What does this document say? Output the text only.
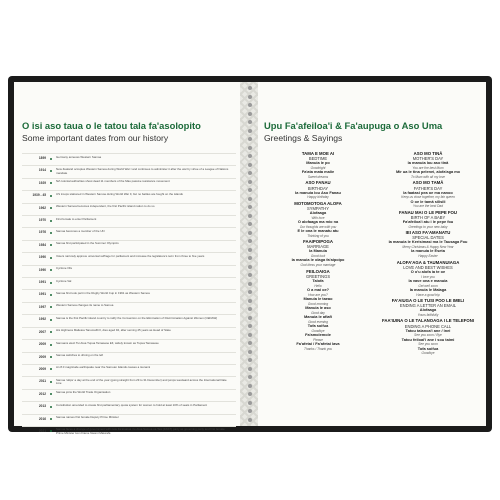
O isi aso taua o le tatou tala fa'asolopito
Some important dates from our history
1899	Germany annexes Western Samoa
1914	New Zealand occupies Western Samoa during World War I and continues to administer it after the war by virtue of a League of Nations mandate
1929	NZ colonial authorities shoot dead 11 members of the Mau passive resistance movement
1939 - 45	US troops stationed in Western Samoa during World War II, but no battles are fought on the islands
1962	Western Samoa becomes independent, the first Pacific island nation to do so
1970	First female to enter Parliament
1976	Samoa becomes a member of the UN
1984	Samoa first participated in the Summer Olympics
1990	Voters narrowly approve universal suffrage for parliament and increase the legislature's term from three to five years
1990	Cyclone Ofa
1991	Cyclone Val
1991	Samoa first took part in the Rugby World Cup in 1991 as Western Samoa
1997	Western Samoa changes its name to Samoa
1992	Samoa is the first Pacific island country to ratify the Convention on the Elimination of Discrimination Against Women (CEDAW)
2007	His Highness Malietoa Tanumafili II, dies aged 94, after serving 45 years as Head of State
2009	Samoans elect Tui Atua Tupua Tamasese Efi, widely known as Tupua Tamasese
2009	Samoa switches to driving on the left
2009	An 8.0 magnitude earthquake near the Samoan Islands causes a tsunami
2011	Samoa 'skips' a day at the end of the year (going straight from 29 to 31 December) and jumps westward across the International Date Line
2012	Samoa joins the World Trade Organisation
2013	Constitution amended to create first parliamentary quota system for women to hold at least 10% of seats in Parliament
2016	Samoa names first female Deputy Prime Minister
2021	Samoa faces a change of government with new Fa'atuatua i le Atua Samoa ua Tasi (FAST) party as governing party and first female Prime Minister Hon Fiame Naomi Mata'afa
Upu Fa'afeiloa'i & Fa'aupuga o Aso Uma
Greetings & Sayings
TAMA E MOE AI
BEDTIME
Manuia le po
Goodnight
Fa'ata mata malie
Sweet dreams
ASO FANAU
BIRTHDAY
Ia manuia lou Aso Fanau
Happy birthday
MOTOMOTOGA ALOFA
SYMPATHY
Alofaaga
With love
O alofaaga ma mio na
Our thoughts are with you
E le ona le manatu atu
Thinking of you
FAAIPOIPOGA
MARRIAGE
Ia Manuia
Good luck
Ia manuia le olaga fa'aipoipo
God bless your marriage
FEILOAIGA
GREETINGS
Talofa
Hello
O a mai oe?
How are you?
Manuia le taeao
Good morning
Manuia le aso
Good day
Manuia le afiafi
Good evening
Tofa soifua
Goodbye
Fa'amolemole
Please
Fa'afetai / Fa'afetai lava
Thanks / Thank you
ASO MO TINĀ
MOTHER'S DAY
Ia manuia lou aso tinā
You are the best Mum
Mir ua le tina pelenei, alofa'aga mo
To Mum with all my love
ASO MO TAMĀ
FATHER'S DAY
Ia faatasi pea oe ma nanoo
Keep us close together, my fair queen
O oe le tamā silisili
You are the best Dad
FANAU MAI O LE PEPE FOU
BIRTH OF A BABY
Fa'afeiloa'i atu i le pepe fou
Greetings to your new baby
IEI ASO FA'AMANATU
SPECIAL DATES
Ia manuia le Kerisimasi ma le Tausaga Fou
Merry Christmas & Happy New Year
Ia manuia le Eseta
Happy Easter
ALOFA'AGA & TAUMANUIAGA
LOVE AND BEST WISHES
O o'u alofa ia te oe
I love you
Ia vave ona e manuia
Get well soon
Ia manuia le Malaga
Have a good trip
FA'AIUGA O LE TUSI POO LE IMELI
ENDING A LETTER AN EMAIL
Alofaaga
Yours faithfully
FAA'IUINA O LE TALANOAGA I LE TELEFONI
ENDING A PHONE CALL
Tatou talanoa'i ane / Inei
See you soon / Bye
Tatou feiloai'i ane i sou taimi
See you soon
Tofa soifua
Goodbye
